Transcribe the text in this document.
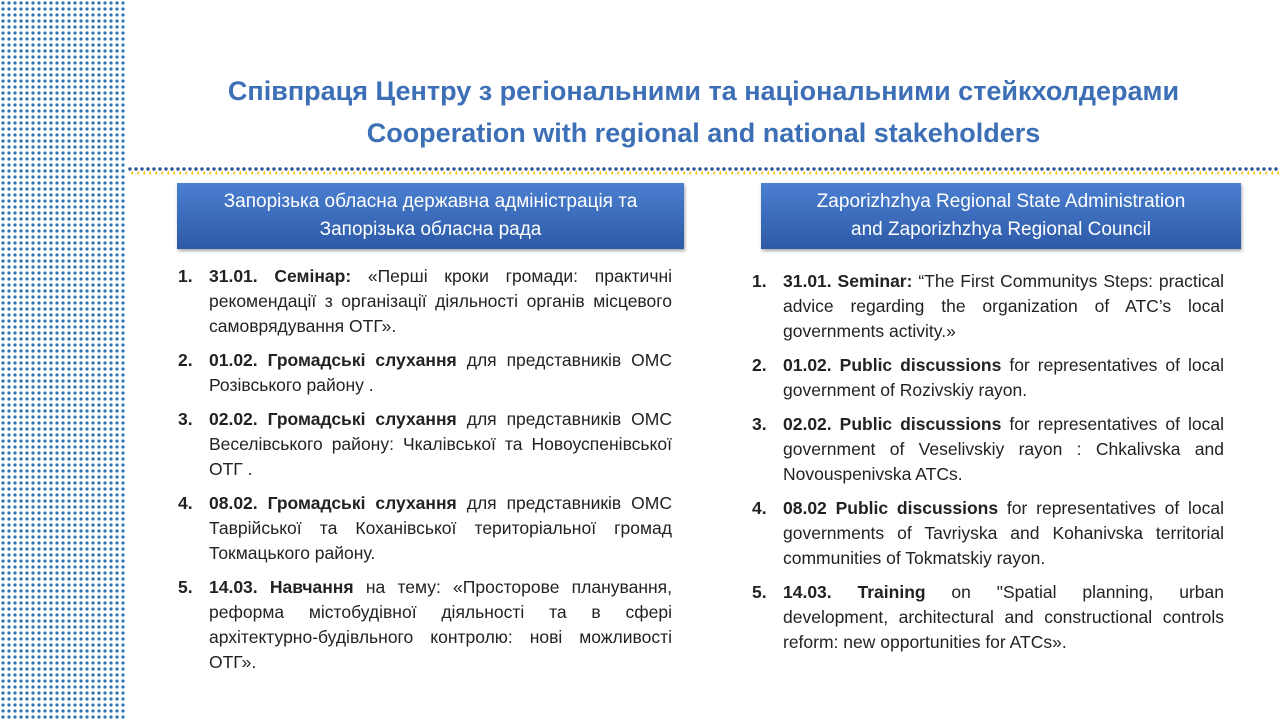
Співпраця Центру з регіональними та національними стейкхолдерами
Cooperation with regional and national stakeholders
Запорізька обласна державна адміністрація та
Запорізька обласна рада
Zaporizhzhya Regional State Administration
and Zaporizhzhya Regional Council
1. 31.01. Семінар: «Перші кроки громади: практичні рекомендації з організації діяльності органів місцевого самоврядування ОТГ».
2. 01.02. Громадські слухання для представників ОМС Розівського району .
3. 02.02. Громадські слухання для представників ОМС Веселівського району: Чкалівської та Новоуспенівської ОТГ .
4. 08.02. Громадські слухання для представників ОМС Таврійської та Коханівської територіальної громад Токмацького району.
5. 14.03. Навчання на тему: «Просторове планування, реформа містобудівної діяльності та в сфері архітектурно-будівльного контролю: нові можливості ОТГ».
1. 31.01. Seminar: “The First Communitys Steps: practical advice regarding the organization of ATC’s local governments activity.»
2. 01.02. Public discussions for representatives of local government of Rozivskiy rayon.
3. 02.02. Public discussions for representatives of local government of Veselivskiy rayon : Chkalivska and Novouspenivska ATCs.
4. 08.02 Public discussions for representatives of local governments of Tavriyska and Kohanivska territorial communities of Tokmatskiy rayon.
5. 14.03. Training on "Spatial planning, urban development, architectural and constructional controls reform: new opportunities for ATCs».
